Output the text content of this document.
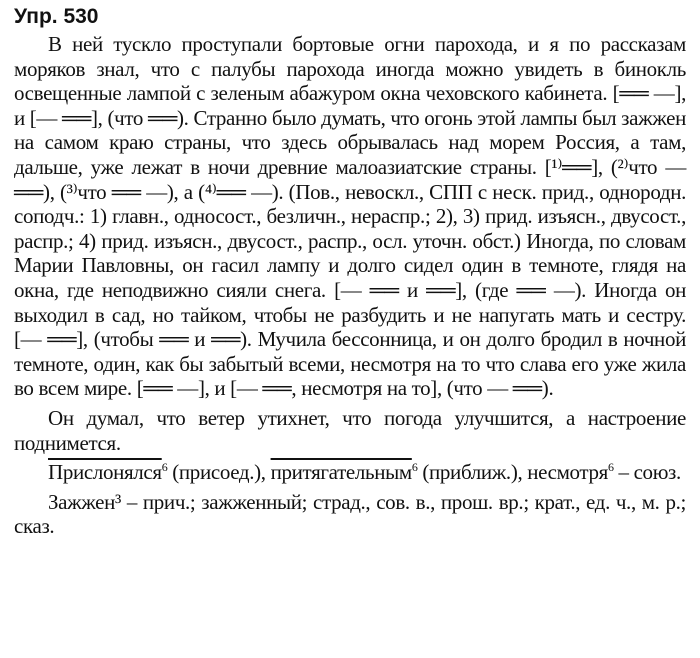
Упр. 530

В ней тускло проступали бортовые огни парохода, и я по рассказам моряков знал, что с палубы парохода иногда можно увидеть в бинокль освещенные лампой с зеленым абажуром окна чеховского кабинета. [══ —], и [— ══], (что ══). Странно было думать, что огонь этой лампы был зажжен на самом краю страны, что здесь обрывалась над морем Россия, а там, дальше, уже лежат в ночи древние малоазиатские страны. [¹⁾══], (²⁾что — ══), (³⁾что ══ —), а (⁴⁾══ —). (Пов., невоскл., СПП с неск. прид., однородн. соподч.: 1) главн., односост., безличн., нераспр.; 2), 3) прид. изъясн., двусост., распр.; 4) прид. изъясн., двусост., распр., осл. уточн. обст.) Иногда, по словам Марии Павловны, он гасил лампу и долго сидел один в темноте, глядя на окна, где неподвижно сияли снега. [— ══ и ══], (где ══ —). Иногда он выходил в сад, но тайком, чтобы не разбудить и не напугать мать и сестру. [— ══], (чтобы ══ и ══). Мучила бессонница, и он долго бродил в ночной темноте, один, как бы забытый всеми, несмотря на то что слава его уже жила во всем мире. [══ —], и [— ══, несмотря на то], (что — ══).

Он думал, что ветер утихнет, что погода улучшится, а настроение поднимется.

Прислонялся$^6$ (присоед.), притягательным$^6$ (приближ.), несмотря$^6$ – союз.

Зажжен³ – прич.; зажженный; страд., сов. в., прош. вр.; крат., ед. ч., м. р.; сказ.
